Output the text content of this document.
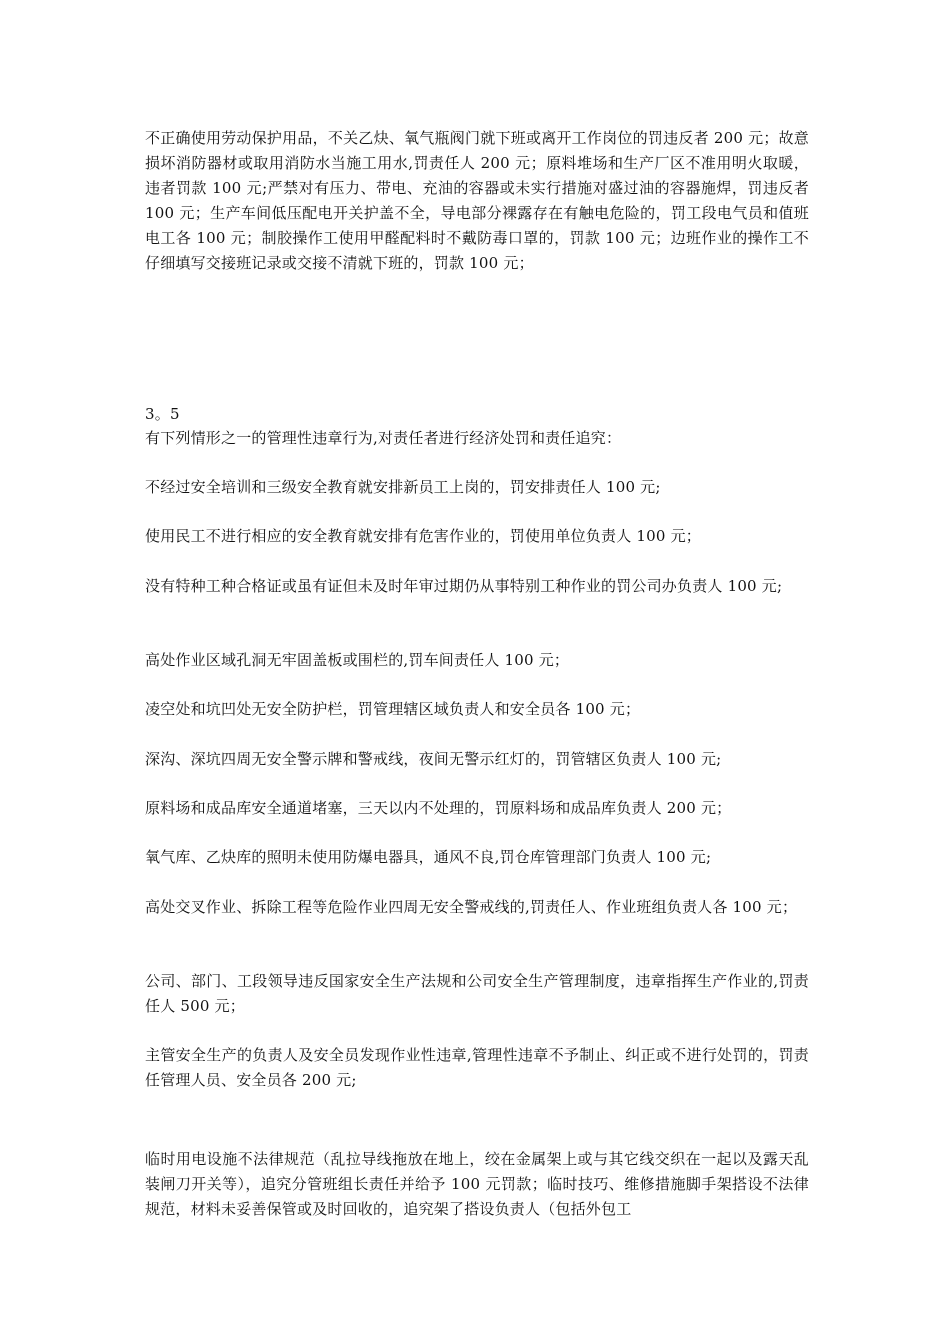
不正确使用劳动保护用品，不关乙炔、氧气瓶阀门就下班或离开工作岗位的罚违反者 200 元；故意损坏消防器材或取用消防水当施工用水,罚责任人 200 元；原料堆场和生产厂区不准用明火取暖，违者罚款 100 元;严禁对有压力、带电、充油的容器或未实行措施对盛过油的容器施焊，罚违反者 100 元；生产车间低压配电开关护盖不全，导电部分裸露存在有触电危险的，罚工段电气员和值班电工各 100 元；制胶操作工使用甲醛配料时不戴防毒口罩的，罚款 100 元；边班作业的操作工不仔细填写交接班记录或交接不清就下班的，罚款 100 元；
3。5
有下列情形之一的管理性违章行为,对责任者进行经济处罚和责任追究：
不经过安全培训和三级安全教育就安排新员工上岗的，罚安排责任人 100 元;
使用民工不进行相应的安全教育就安排有危害作业的，罚使用单位负责人 100 元；
没有特种工种合格证或虽有证但未及时年审过期仍从事特别工种作业的罚公司办负责人 100 元;
高处作业区域孔洞无牢固盖板或围栏的,罚车间责任人 100 元；
凌空处和坑凹处无安全防护栏，罚管理辖区域负责人和安全员各 100 元；
深沟、深坑四周无安全警示牌和警戒线，夜间无警示红灯的，罚管辖区负责人 100 元;
原料场和成品库安全通道堵塞，三天以内不处理的，罚原料场和成品库负责人 200 元；
氧气库、乙炔库的照明未使用防爆电器具，通风不良,罚仓库管理部门负责人 100 元;
高处交叉作业、拆除工程等危险作业四周无安全警戒线的,罚责任人、作业班组负责人各 100 元；
公司、部门、工段领导违反国家安全生产法规和公司安全生产管理制度，违章指挥生产作业的,罚责任人 500 元；
主管安全生产的负责人及安全员发现作业性违章,管理性违章不予制止、纠正或不进行处罚的，罚责任管理人员、安全员各 200 元;
临时用电设施不法律规范（乱拉导线拖放在地上，绞在金属架上或与其它线交织在一起以及露天乱装闸刀开关等），追究分管班组长责任并给予 100 元罚款；临时技巧、维修措施脚手架搭设不法律规范，材料未妥善保管或及时回收的，追究架了搭设负责人（包括外包工
